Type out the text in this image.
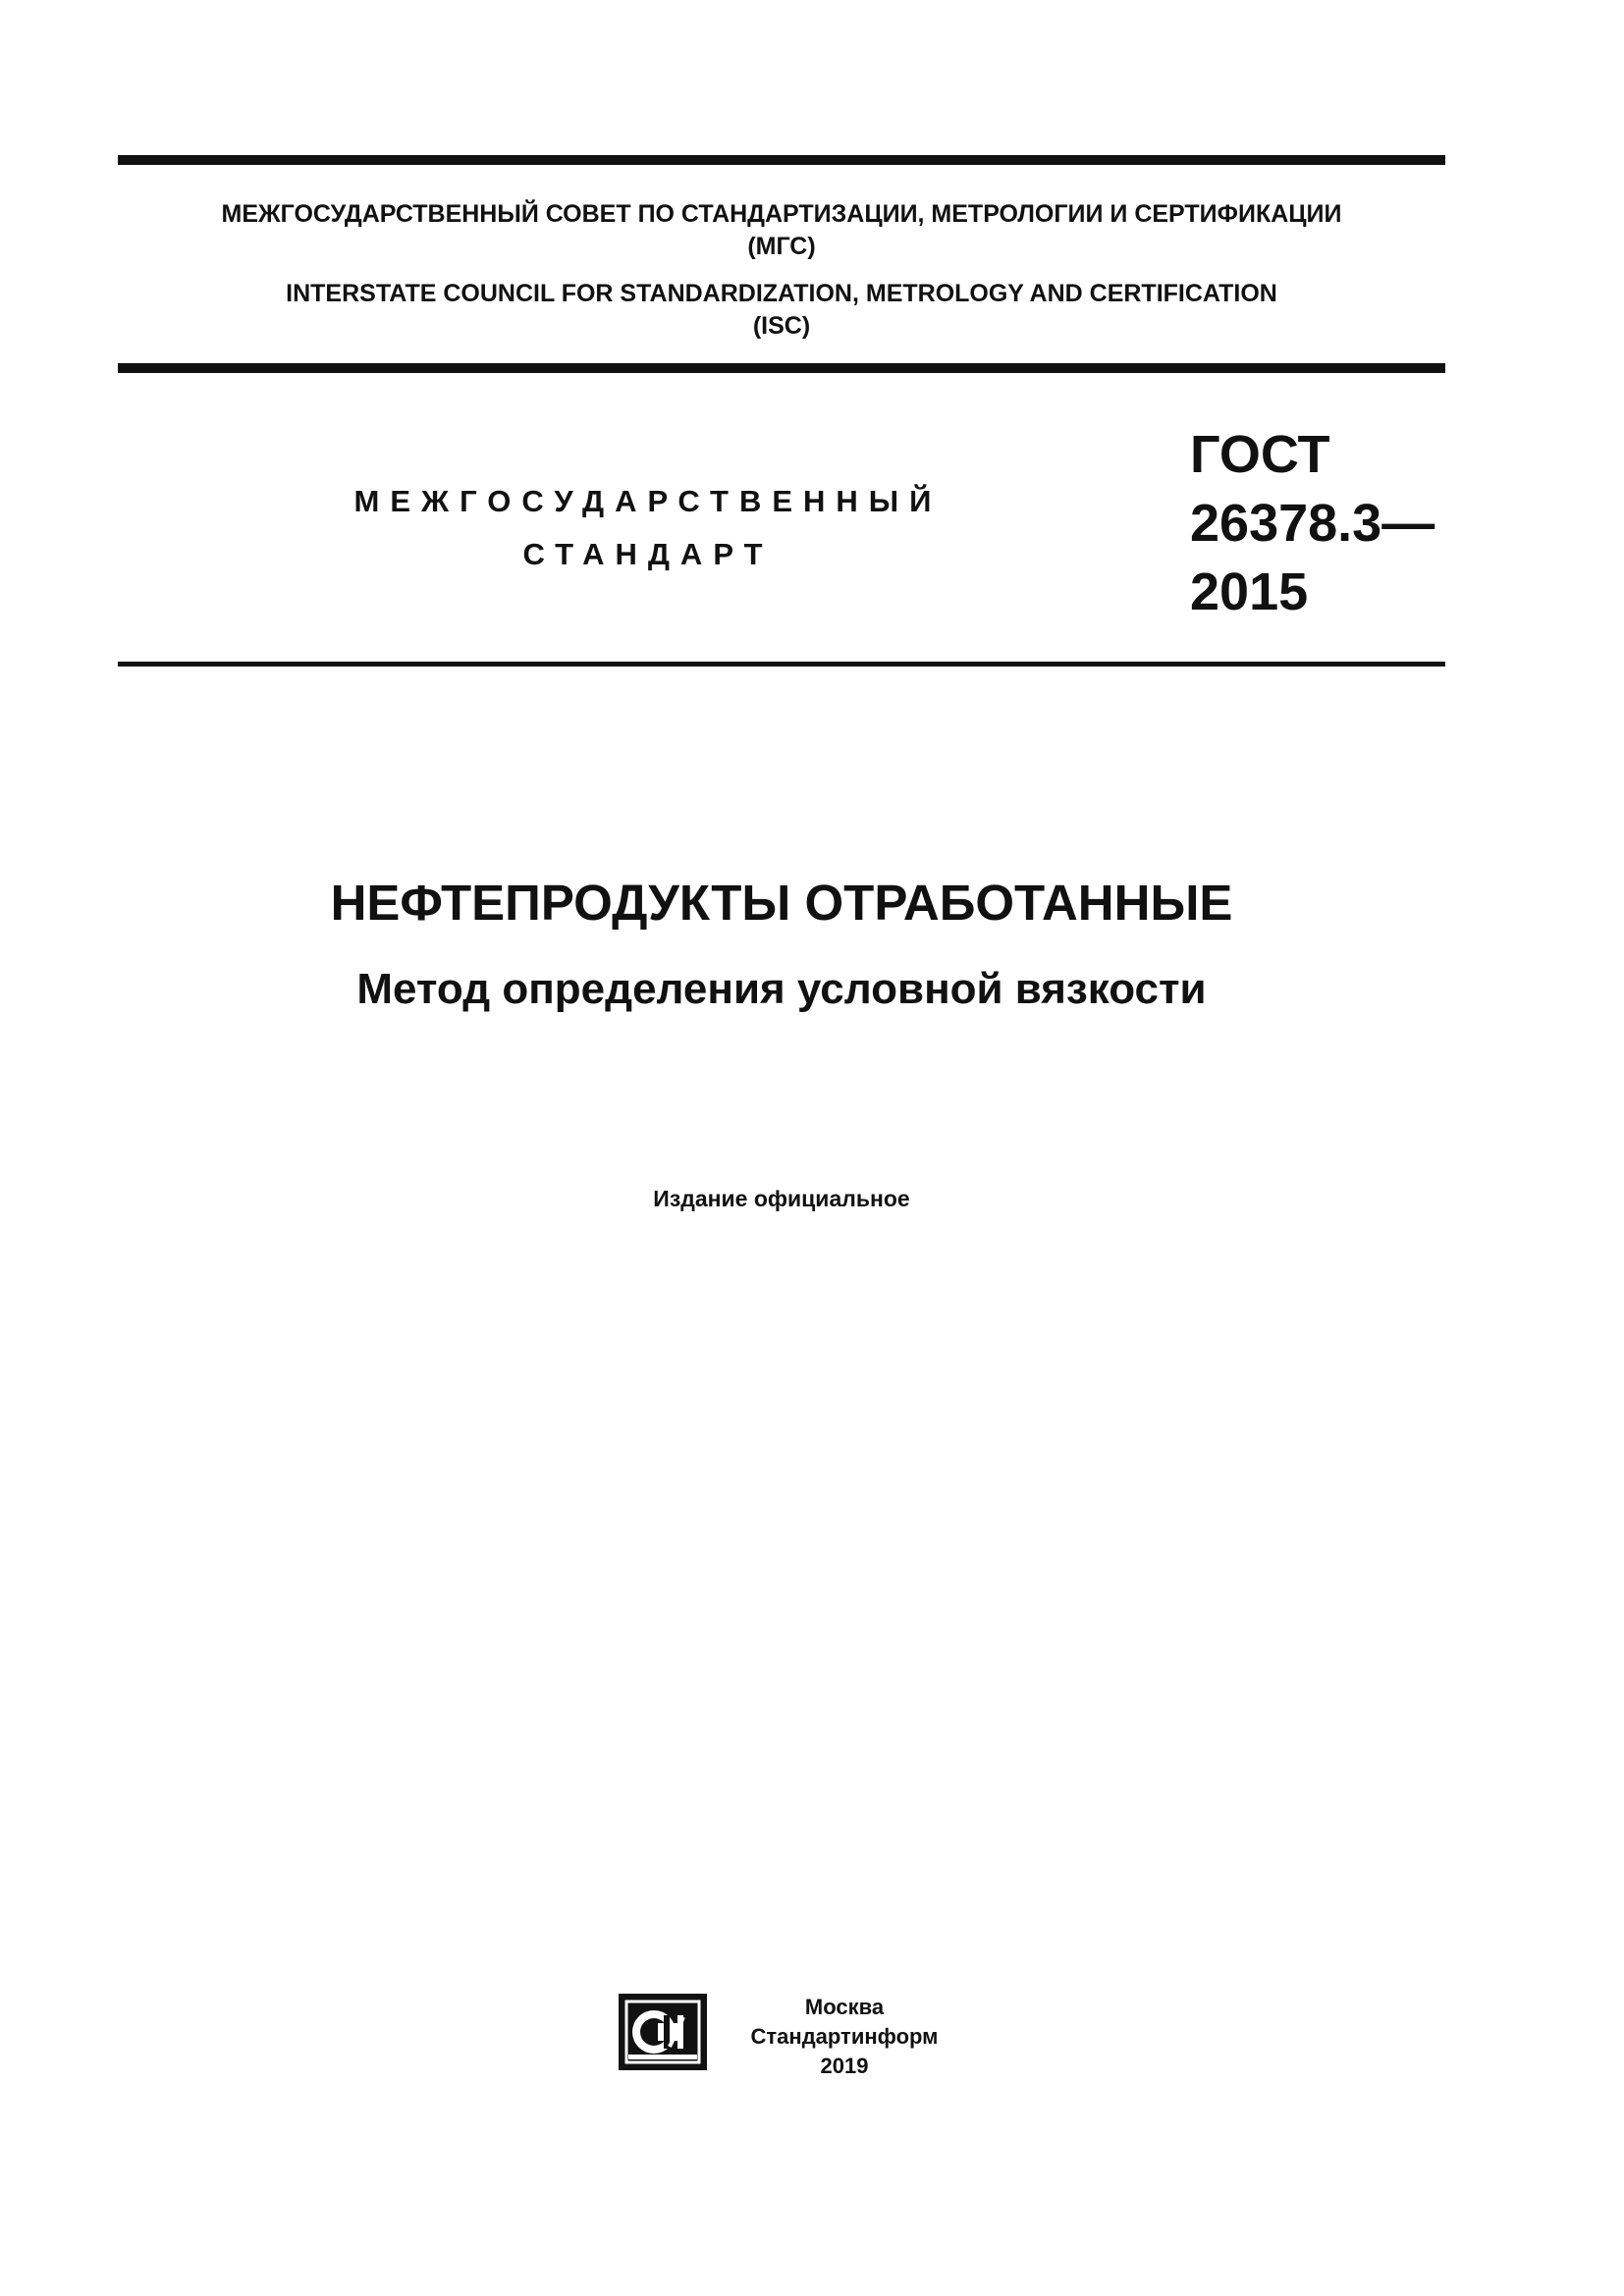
МЕЖГОСУДАРСТВЕННЫЙ СОВЕТ ПО СТАНДАРТИЗАЦИИ, МЕТРОЛОГИИ И СЕРТИФИКАЦИИ
(МГС)
INTERSTATE COUNCIL FOR STANDARDIZATION, METROLOGY AND CERTIFICATION
(ISC)
МЕЖГОСУДАРСТВЕННЫЙ
СТАНДАРТ
ГОСТ
26378.3—
2015
НЕФТЕПРОДУКТЫ ОТРАБОТАННЫЕ
Метод определения условной вязкости
Издание официальное
Москва
Стандартинформ
2019
